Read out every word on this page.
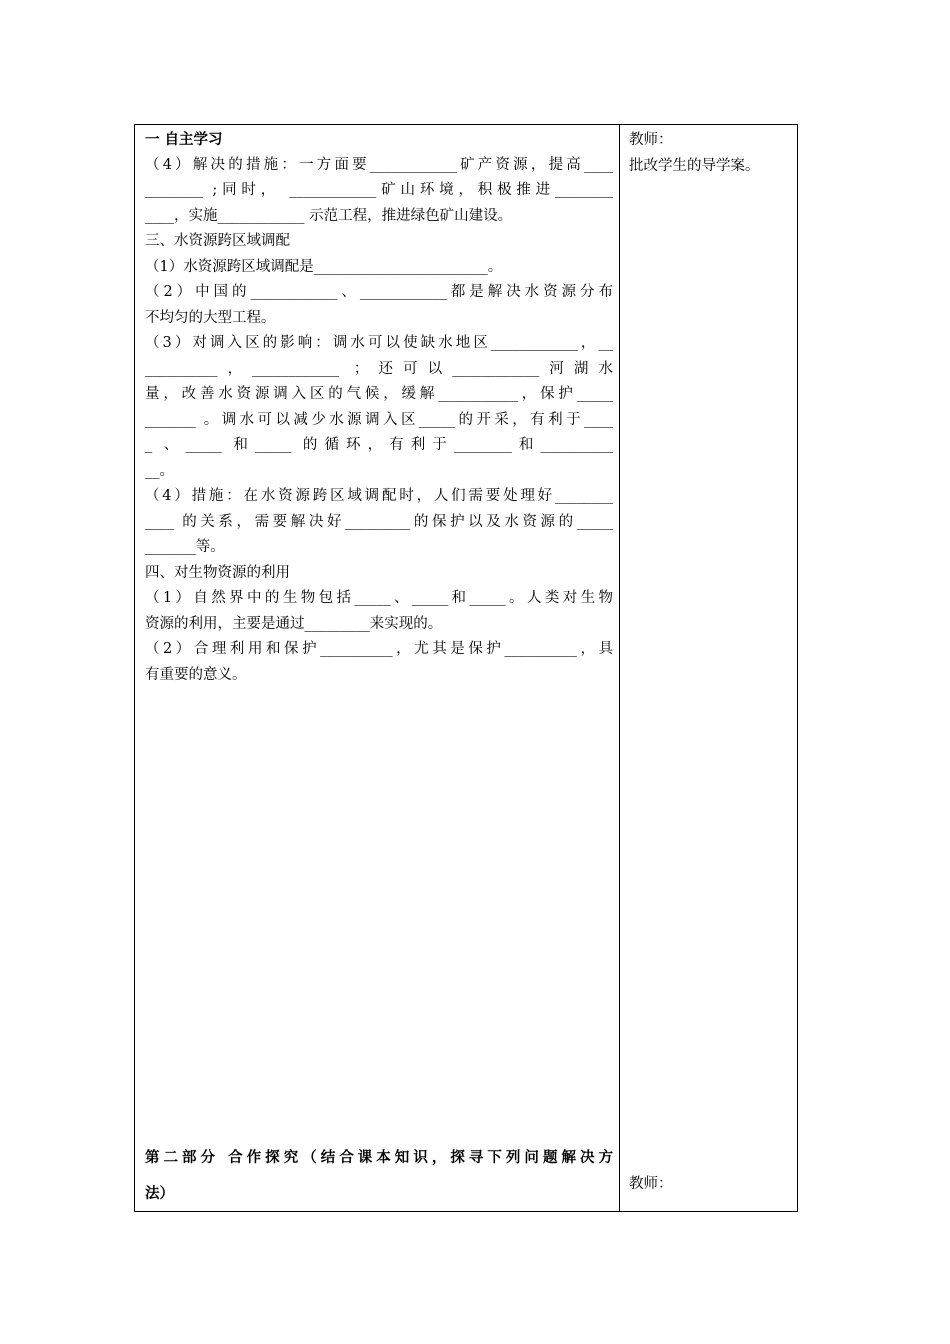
一 自主学习
（4）解决的措施：一方面要____________矿产资源，提高____
________ ;同时， ____________矿山环境，积极推进________
____，实施____________ 示范工程，推进绿色矿山建设。
三、水资源跨区域调配
（1）水资源跨区域调配是________________________。
（2）中国的____________、____________都是解决水资源分布
不均匀的大型工程。
（3）对调入区的影响：调水可以使缺水地区____________，__
__________，____________ ；还可以____________河湖水
量，改善水资源调入区的气候，缓解___________，保护_____
_______ 。调水可以减少水源调入区_____的开采，有利于____
_ 、_____ 和_____ 的循环，有利于________和__________
__。
（4）措施：在水资源跨区域调配时，人们需要处理好________
____ 的关系，需要解决好_________的保护以及水资源的_____
_______等。
四、对生物资源的利用
（1）自然界中的生物包括_____、_____和_____。人类对生物
资源的利用，主要是通过_________来实现的。
（2）合理利用和保护__________，尤其是保护__________，具
有重要的意义。
第二部分 合作探究（结合课本知识，探寻下列问题解决方
法）
教师：
批改学生的导学案。
教师：
